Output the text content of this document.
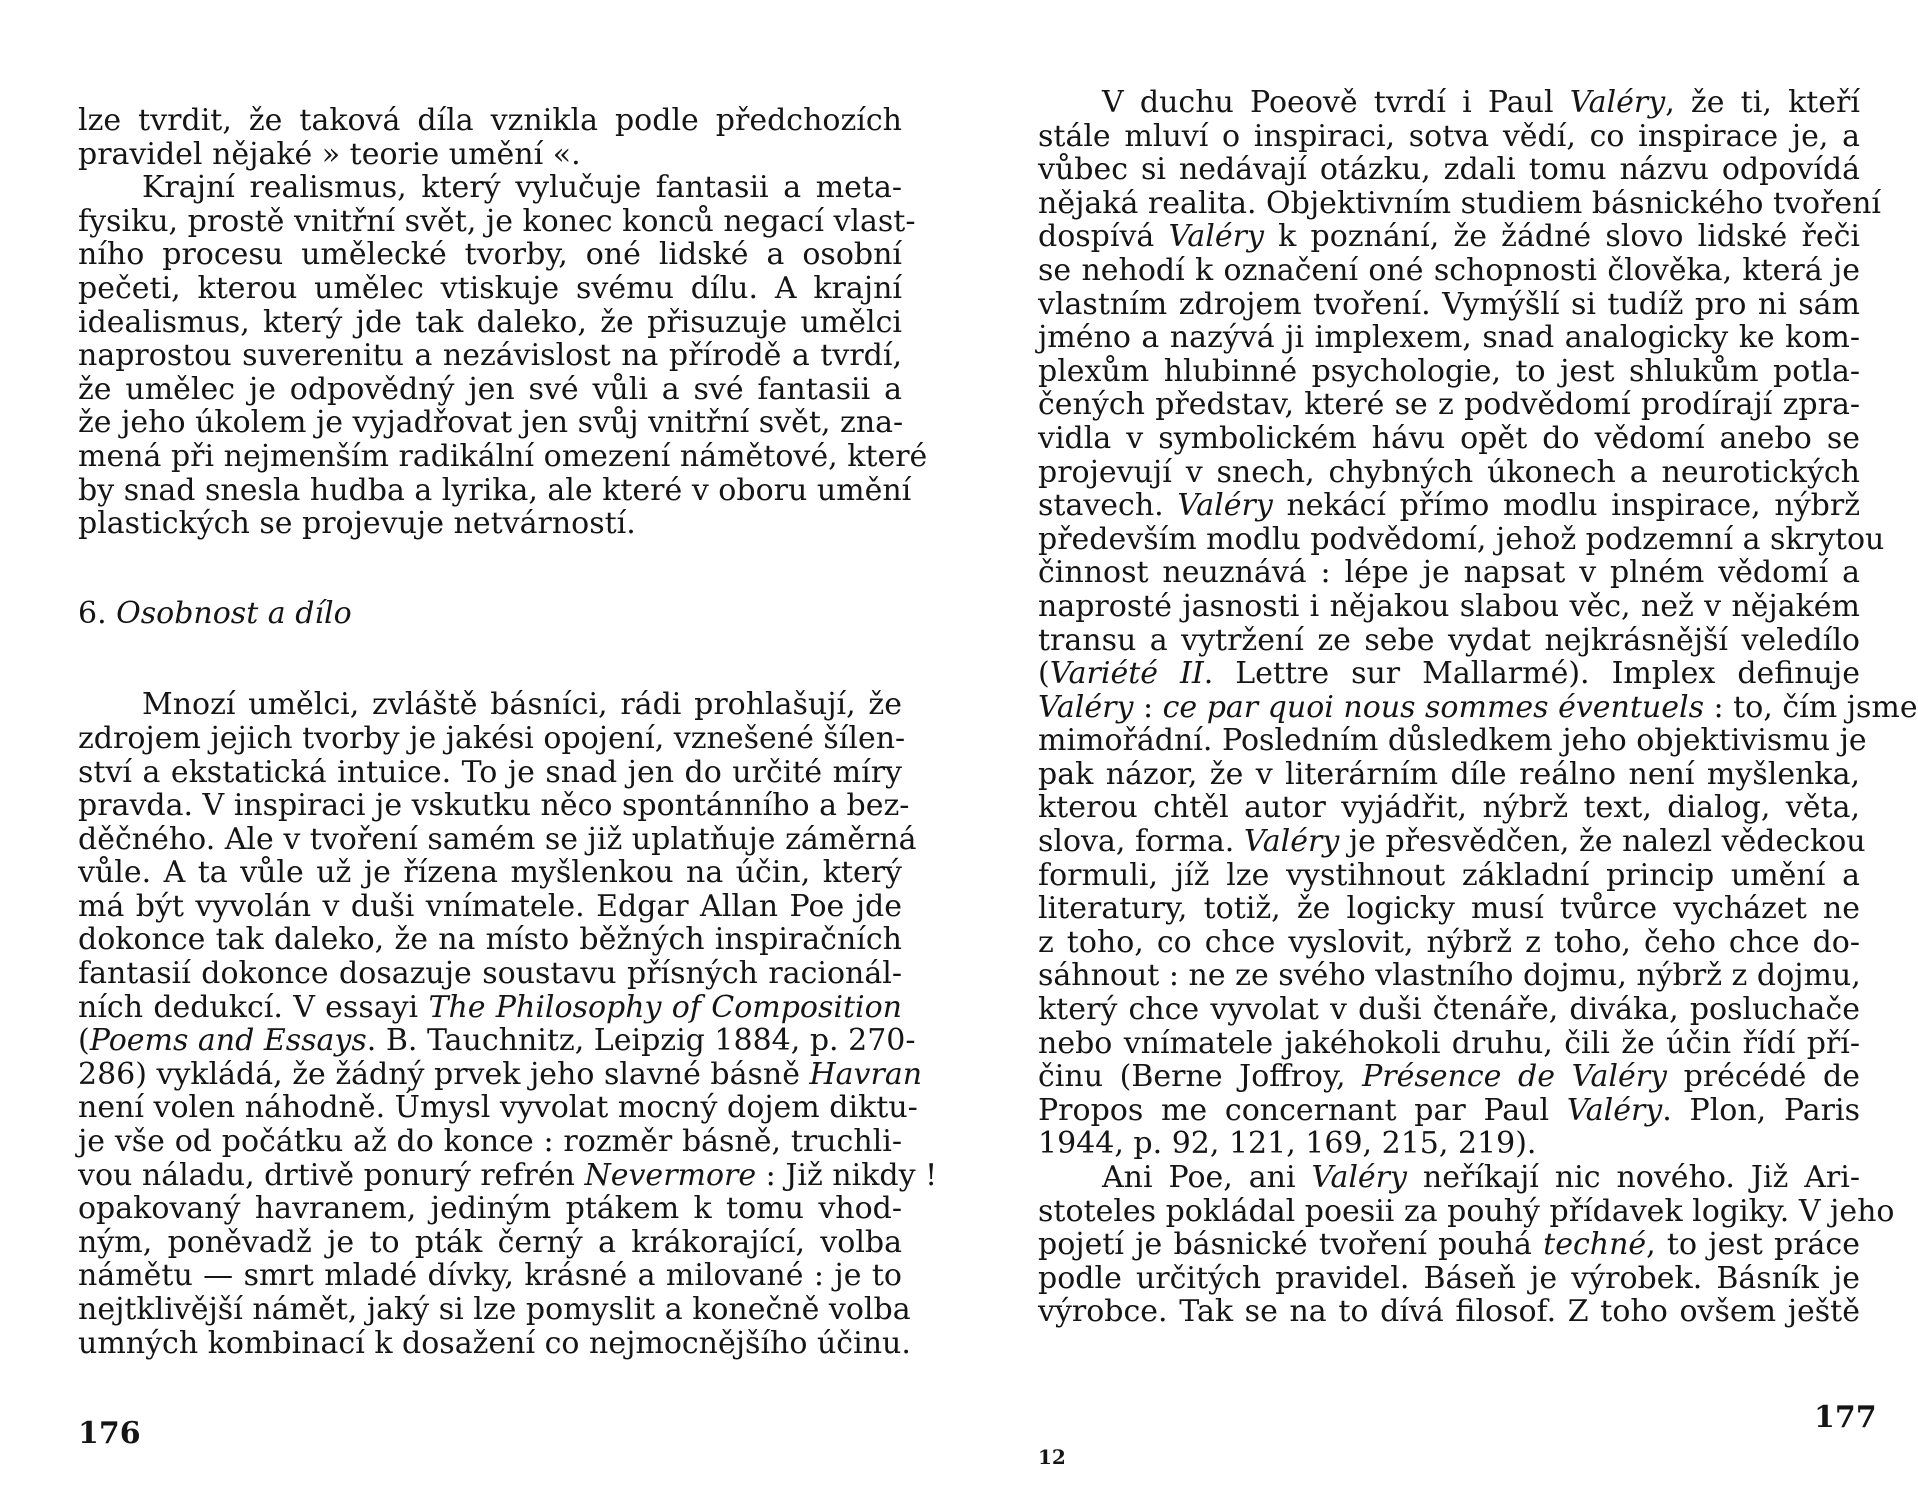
lze tvrdit, že taková díla vznikla podle předchozích
pravidel nějaké » teorie umění «.
Krajní realismus, který vylučuje fantasii a meta-
fysiku, prostě vnitřní svět, je konec konců negací vlast-
ního procesu umělecké tvorby, oné lidské a osobní
pečeti, kterou umělec vtiskuje svému dílu. A krajní
idealismus, který jde tak daleko, že přisuzuje umělci
naprostou suverenitu a nezávislost na přírodě a tvrdí,
že umělec je odpovědný jen své vůli a své fantasii a
že jeho úkolem je vyjadřovat jen svůj vnitřní svět, zna-
mená při nejmenším radikální omezení námětové, které
by snad snesla hudba a lyrika, ale které v oboru umění
plastických se projevuje netvárností.
6. Osobnost a dílo
Mnozí umělci, zvláště básníci, rádi prohlašují, že
zdrojem jejich tvorby je jakési opojení, vznešené šílen-
ství a ekstatická intuice. To je snad jen do určité míry
pravda. V inspiraci je vskutku něco spontánního a bez-
děčného. Ale v tvoření samém se již uplatňuje záměrná
vůle. A ta vůle už je řízena myšlenkou na účin, který
má být vyvolán v duši vnímatele. Edgar Allan Poe jde
dokonce tak daleko, že na místo běžných inspiračních
fantasií dokonce dosazuje soustavu přísných racionál-
ních dedukcí. V essayi The Philosophy of Composition
(Poems and Essays. B. Tauchnitz, Leipzig 1884, p. 270-
286) vykládá, že žádný prvek jeho slavné básně Havran
není volen náhodně. Úmysl vyvolat mocný dojem diktu-
je vše od počátku až do konce : rozměr básně, truchli-
vou náladu, drtivě ponurý refrén Nevermore : Již nikdy !
opakovaný havranem, jediným ptákem k tomu vhod-
ným, poněvadž je to pták černý a krákorající, volba
námětu — smrt mladé dívky, krásné a milované : je to
nejtklivější námět, jaký si lze pomyslit a konečně volba
umných kombinací k dosažení co nejmocnějšího účinu.
176
V duchu Poeově tvrdí i Paul Valéry, že ti, kteří
stále mluví o inspiraci, sotva vědí, co inspirace je, a
vůbec si nedávají otázku, zdali tomu názvu odpovídá
nějaká realita. Objektivním studiem básnického tvoření
dospívá Valéry k poznání, že žádné slovo lidské řeči
se nehodí k označení oné schopnosti člověka, která je
vlastním zdrojem tvoření. Vymýšlí si tudíž pro ni sám
jméno a nazývá ji implexem, snad analogicky ke kom-
plexům hlubinné psychologie, to jest shlukům potla-
čených představ, které se z podvědomí prodírají zpra-
vidla v symbolickém hávu opět do vědomí anebo se
projevují v snech, chybných úkonech a neurotických
stavech. Valéry nekácí přímo modlu inspirace, nýbrž
především modlu podvědomí, jehož podzemní a skrytou
činnost neuznává : lépe je napsat v plném vědomí a
naprosté jasnosti i nějakou slabou věc, než v nějakém
transu a vytržení ze sebe vydat nejkrásnější veledílo
(Variété II. Lettre sur Mallarmé). Implex definuje
Valéry : ce par quoi nous sommes éventuels : to, čím jsme
mimořádní. Posledním důsledkem jeho objektivismu je
pak názor, že v literárním díle reálno není myšlenka,
kterou chtěl autor vyjádřit, nýbrž text, dialog, věta,
slova, forma. Valéry je přesvědčen, že nalezl vědeckou
formuli, jíž lze vystihnout základní princip umění a
literatury, totiž, že logicky musí tvůrce vycházet ne
z toho, co chce vyslovit, nýbrž z toho, čeho chce do-
sáhnout : ne ze svého vlastního dojmu, nýbrž z dojmu,
který chce vyvolat v duši čtenáře, diváka, posluchače
nebo vnímatele jakéhokoli druhu, čili že účin řídí pří-
činu (Berne Joffroy, Présence de Valéry précédé de
Propos me concernant par Paul Valéry. Plon, Paris
1944, p. 92, 121, 169, 215, 219).
Ani Poe, ani Valéry neříkají nic nového. Již Ari-
stoteles pokládal poesii za pouhý přídavek logiky. V jeho
pojetí je básnické tvoření pouhá techné, to jest práce
podle určitých pravidel. Báseň je výrobek. Básník je
výrobce. Tak se na to dívá filosof. Z toho ovšem ještě
177
12
